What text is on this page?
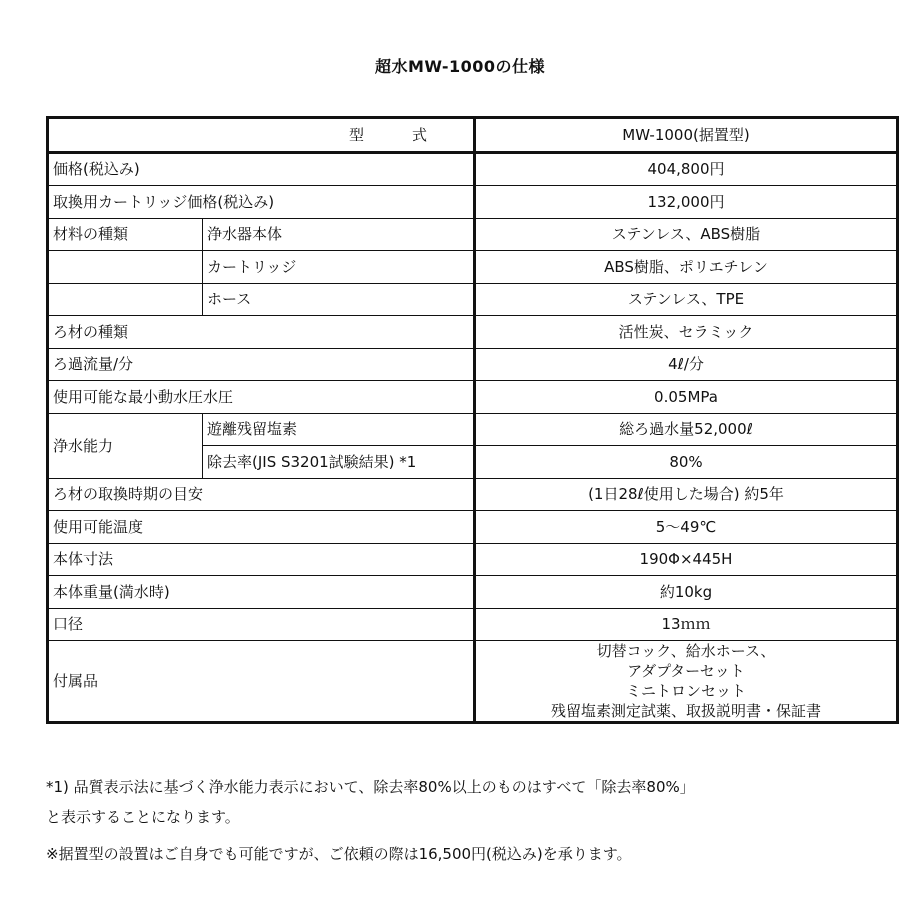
超水MW-1000の仕様
型 式		MW-1000(据置型)
価格(税込み)		404,800円
取換用カートリッジ価格(税込み)		132,000円
材料の種類	浄水器本体	ステンレス、ABS樹脂
	カートリッジ	ABS樹脂、ポリエチレン
	ホース	ステンレス、TPE
ろ材の種類		活性炭、セラミック
ろ過流量/分		4ℓ/分
使用可能な最小動水圧水圧		0.05MPa
浄水能力	遊離残留塩素	総ろ過水量52,000ℓ
	除去率(JIS S3201試験結果) *1	80%
ろ材の取換時期の目安		(1日28ℓ使用した場合) 約5年
使用可能温度		5〜49℃
本体寸法		190Φ×445H
本体重量(満水時)		約10kg
口径		13ｍｍ
付属品		切替コック、給水ホース、
アダプターセット
ミニトロンセット
残留塩素測定試薬、取扱説明書・保証書
*1) 品質表示法に基づく浄水能力表示において、除去率80%以上のものはすべて「除去率80%」
と表示することになります。
※据置型の設置はご自身でも可能ですが、ご依頼の際は16,500円(税込み)を承ります。
